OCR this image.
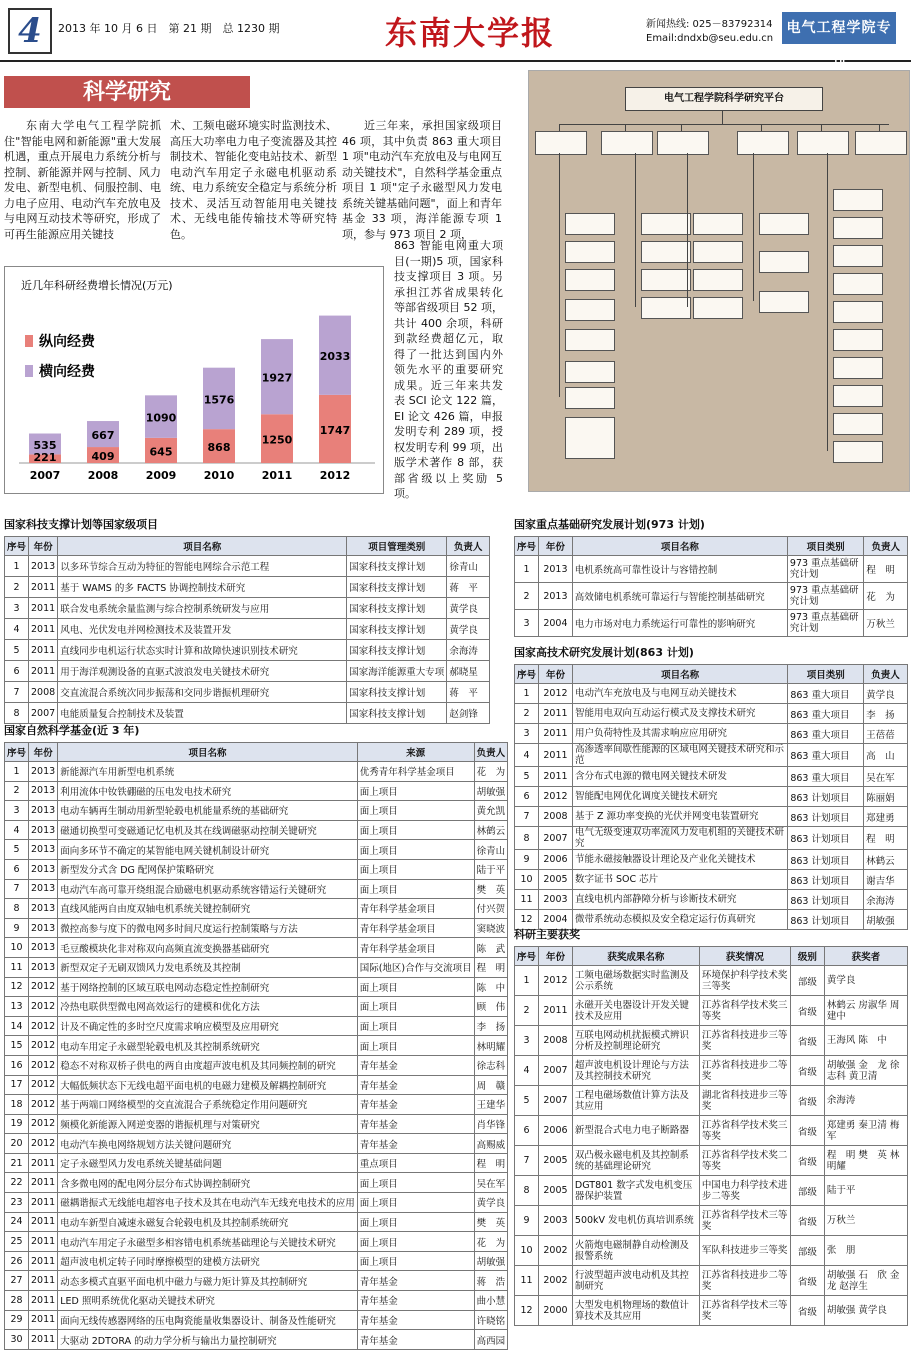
4	2013 年 10 月 6 日　第 21 期　总 1230 期	东南大学报	新闻热线: 025－83792314
Email:dndxb@seu.edu.cn
电气工程学院专刊
科学研究

东南大学电气工程学院抓住"智能电网和新能源"重大发展机遇，重点开展电力系统分析与控制、新能源并网与控制、风力发电、新型电机、伺服控制、电力电子应用、电动汽车充放电及与电网互动技术等研究，形成了可再生能源应用关键技

术、工频电磁环境实时监测技术、高压大功率电力电子变流器及其控制技术、智能化变电站技术、新型电动汽车用定子永磁电机驱动系统、电力系统安全稳定与系统分析技术、灵活互动智能用电关键技术、无线电能传输技术等研究特色。

近三年来，承担国家级项目 46 项，其中负责 863 重大项目 1 项"电动汽车充放电及与电网互动关键技术"，自然科学基金重点项目 1 项"定子永磁型风力发电系统关键基础问题"，面上和青年基金 33 项，海洋能源专项 1 项，参与 973 项目 2 项，

863 智能电网重大项目(一期)5 项，国家科技支撑项目 3 项。另承担江苏省成果转化等部省级项目 52 项，共计 400 余项，科研到款经费超亿元，取得了一批达到国内外领先水平的重要研究成果。近三年来共发表 SCI 论文 122 篇，EI 论文 426 篇，申报发明专利 289 项，授权发明专利 99 项，出版学术著作 8 部，获部省级以上奖励 5 项。

近几年科研经费增长情况(万元)
纵向经费
横向经费
221
535
2007
409
667
2008
645
1090
2009
868
1576
2010
1250
1927
2011
1747
2033
2012
电气工程学院科学研究平台
国家科技支撑计划等国家级项目
序号	年份	项目名称	项目管理类别	负责人
1	2013	以多环节综合互动为特征的智能电网综合示范工程	国家科技支撑计划	徐青山
2	2011	基于 WAMS 的多 FACTS 协调控制技术研究	国家科技支撑计划	蒋　平
3	2011	联合发电系统余量监测与综合控制系统研发与应用	国家科技支撑计划	黄学良
4	2011	风电、光伏发电并网检测技术及装置开发	国家科技支撑计划	黄学良
5	2011	直线同步电机运行状态实时计算和故障快速识别技术研究	国家科技支撑计划	余海涛
6	2011	用于海洋观测设备的直驱式波浪发电关键技术研究	国家海洋能源重大专项	郝晓星
7	2008	交直流混合系统次同步振荡和交同步谐振机理研究	国家科技支撑计划	蒋　平
8	2007	电能质量复合控制技术及装置	国家科技支撑计划	赵剑锋
国家自然科学基金(近 3 年)
序号	年份	项目名称	来源	负责人
1	2013	新能源汽车用新型电机系统	优秀青年科学基金项目	花　为
2	2013	利用流体中钕铁硼磁的压电发电技术研究	面上项目	胡敏强
3	2013	电动车辆再生制动用新型轮毂电机能量系统的基础研究	面上项目	黄允凯
4	2013	磁通切换型可变磁通记忆电机及其在线调磁驱动控制关键研究	面上项目	林鹤云
5	2013	面向多环节不确定的某智能电网关键机制设计研究	面上项目	徐青山
6	2013	新型发分式含 DG 配网保护策略研究	面上项目	陆于平
7	2013	电动汽车高可靠开绕组混合励磁电机驱动系统容错运行关键研究	面上项目	樊　英
8	2013	直线风能两自由度双轴电机系统关键控制研究	青年科学基金项目	付兴贺
9	2013	微控高参与度下的微电网多时间尺度运行控制策略与方法	青年科学基金项目	窦晓波
10	2013	毛豆酸模块化非对称双向高频直流变换器基础研究	青年科学基金项目	陈　武
11	2013	新型双定子无刷双馈风力发电系统及其控制	国际(地区)合作与交流项目	程　明
12	2012	基于网络控制的区域互联电网动态稳定性控制研究	面上项目	陈　中
13	2012	冷热电联供型微电网高效运行的建模和优化方法	面上项目	顾　伟
14	2012	计及不确定性的多时空尺度需求响应模型及应用研究	面上项目	李　扬
15	2012	电动车用定子永磁型轮毂电机及其控制系统研究	面上项目	林明耀
16	2012	稳态不对称双桥子供电的两自由度超声波电机及其同频控制的研究	青年基金	徐志科
17	2012	大幅低频状态下无线电超平面电机的电磁力建模及解耦控制研究	青年基金	周　赣
18	2012	基于两端口网络模型的交直流混合子系统稳定作用问题研究	青年基金	王建华
19	2012	频模化新能源入网逆变器的谐振机理与对策研究	青年基金	肖华锋
20	2012	电动汽车换电网络规划方法关键问题研究	青年基金	高赐威
21	2011	定子永磁型风力发电系统关键基础问题	重点项目	程　明
22	2011	含多微电网的配电网分层分布式协调控制研究	面上项目	吴在军
23	2011	磁耦谐振式无线能电超容电子技术及其在电动汽车无线充电技术的应用	面上项目	黄学良
24	2011	电动车新型自减速永磁复合轮毂电机及其控制系统研究	面上项目	樊　英
25	2011	电动汽车用定子永磁型多相容错电机系统基础理论与关键技术研究	面上项目	花　为
26	2011	超声波电机定转子同时摩擦模型的建模方法研究	面上项目	胡敏强
27	2011	动态多模式直驱平面电机中磁力与磁力矩计算及其控制研究	青年基金	蒋　浩
28	2011	LED 照明系统优化驱动关键技术研究	青年基金	曲小慧
29	2011	面向无线传感器网络的压电陶瓷能量收集器设计、制备及性能研究	青年基金	许晓铭
30	2011	大驱动 2DTORA 的动力学分析与输出力量控制研究	青年基金	高西园
国家重点基础研究发展计划(973 计划)
序号	年份	项目名称	项目类别	负责人
1	2013	电机系统高可靠性设计与容错控制	973 重点基础研究计划	程　明
2	2013	高效储电机系统可靠运行与智能控制基础研究	973 重点基础研究计划	花　为
3	2004	电力市场对电力系统运行可靠性的影响研究	973 重点基础研究计划	万秋兰
国家高技术研究发展计划(863 计划)
序号	年份	项目名称	项目类别	负责人
1	2012	电动汽车充放电及与电网互动关键技术	863 重大项目	黄学良
2	2011	智能用电双向互动运行模式及支撑技术研究	863 重大项目	李　扬
3	2011	用户负荷特性及其需求响应应用研究	863 重大项目	王蓓蓓
4	2011	高渗透率间歇性能源的区域电网关键技术研究和示范	863 重大项目	高　山
5	2011	含分布式电源的微电网关键技术研发	863 重大项目	吴在军
6	2012	智能配电网优化调度关键技术研究	863 计划项目	陈丽娟
7	2008	基于 Z 源功率变换的光伏并网变电装置研究	863 计划项目	郑建勇
8	2007	电气无级变速双功率流风力发电机组的关键技术研究	863 计划项目	程　明
9	2006	节能永磁接触器设计理论及产业化关键技术	863 计划项目	林鹤云
10	2005	数字证书 SOC 芯片	863 计划项目	谢吉华
11	2003	直线电机内部静障分析与诊断技术研究	863 计划项目	余海涛
12	2004	微带系统动态模拟及安全稳定运行仿真研究	863 计划项目	胡敏强
科研主要获奖
序号	年份	获奖成果名称	获奖情况	级别	获奖者
1	2012	工频电磁场数据实时监测及公示系统	环境保护科学技术奖三等奖	部级	黄学良
2	2011	永磁开关电器设计开发关键技术及应用	江苏省科学技术奖三等奖	省级	林鹤云 房淑华 周建中
3	2008	互联电网动机扰振模式辨识分析及控制理论研究	江苏省科技进步三等奖	省级	王海风 陈　中
4	2007	超声波电机设计理论与方法及其控制技术研究	江苏省科技进步二等奖	省级	胡敏强 金　龙 徐志科 黄卫清
5	2007	工程电磁场数值计算方法及其应用	湖北省科技进步三等奖	省级	余海涛
6	2006	新型混合式电力电子断路器	江苏省科学技术奖三等奖	省级	郑建勇 秦卫清 梅　军
7	2005	双凸极永磁电机及其控制系统的基础理论研究	江苏省科学技术奖二等奖	省级	程　明 樊　英 林明耀
8	2005	DGT801 数字式发电机变压器保护装置	中国电力科学技术进步二等奖	部级	陆于平
9	2003	500kV 发电机仿真培训系统	江苏省科学技术三等奖	省级	万秋兰
10	2002	火箭炮电磁制静自动检测及报警系统	军队科技进步三等奖	部级	张　朋
11	2002	行波型超声波电动机及其控制研究	江苏省科技进步二等奖	省级	胡敏强 石　欣 金　龙 赵淳生
12	2000	大型发电机物理场的数值计算技术及其应用	江苏省科学技术三等奖	省级	胡敏强 黄学良
